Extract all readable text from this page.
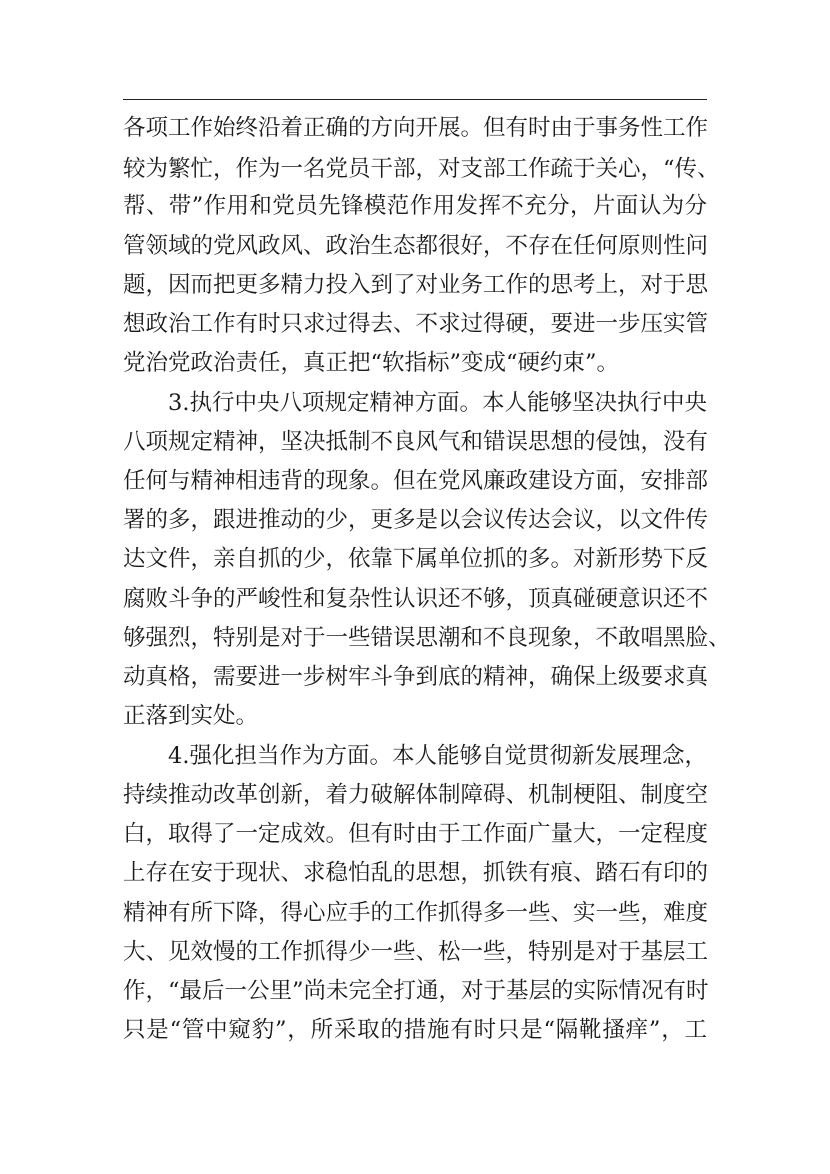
各项工作始终沿着正确的方向开展。但有时由于事务性工作
较为繁忙，作为一名党员干部，对支部工作疏于关心，“传、
帮、带”作用和党员先锋模范作用发挥不充分，片面认为分
管领域的党风政风、政治生态都很好，不存在任何原则性问
题，因而把更多精力投入到了对业务工作的思考上，对于思
想政治工作有时只求过得去、不求过得硬，要进一步压实管
党治党政治责任，真正把“软指标”变成“硬约束”。
3.执行中央八项规定精神方面。本人能够坚决执行中央
八项规定精神，坚决抵制不良风气和错误思想的侵蚀，没有
任何与精神相违背的现象。但在党风廉政建设方面，安排部
署的多，跟进推动的少，更多是以会议传达会议，以文件传
达文件，亲自抓的少，依靠下属单位抓的多。对新形势下反
腐败斗争的严峻性和复杂性认识还不够，顶真碰硬意识还不
够强烈，特别是对于一些错误思潮和不良现象，不敢唱黑脸、
动真格，需要进一步树牢斗争到底的精神，确保上级要求真
正落到实处。
4.强化担当作为方面。本人能够自觉贯彻新发展理念，
持续推动改革创新，着力破解体制障碍、机制梗阻、制度空
白，取得了一定成效。但有时由于工作面广量大，一定程度
上存在安于现状、求稳怕乱的思想，抓铁有痕、踏石有印的
精神有所下降，得心应手的工作抓得多一些、实一些，难度
大、见效慢的工作抓得少一些、松一些，特别是对于基层工
作，“最后一公里”尚未完全打通，对于基层的实际情况有时
只是“管中窥豹”，所采取的措施有时只是“隔靴搔痒”，工
